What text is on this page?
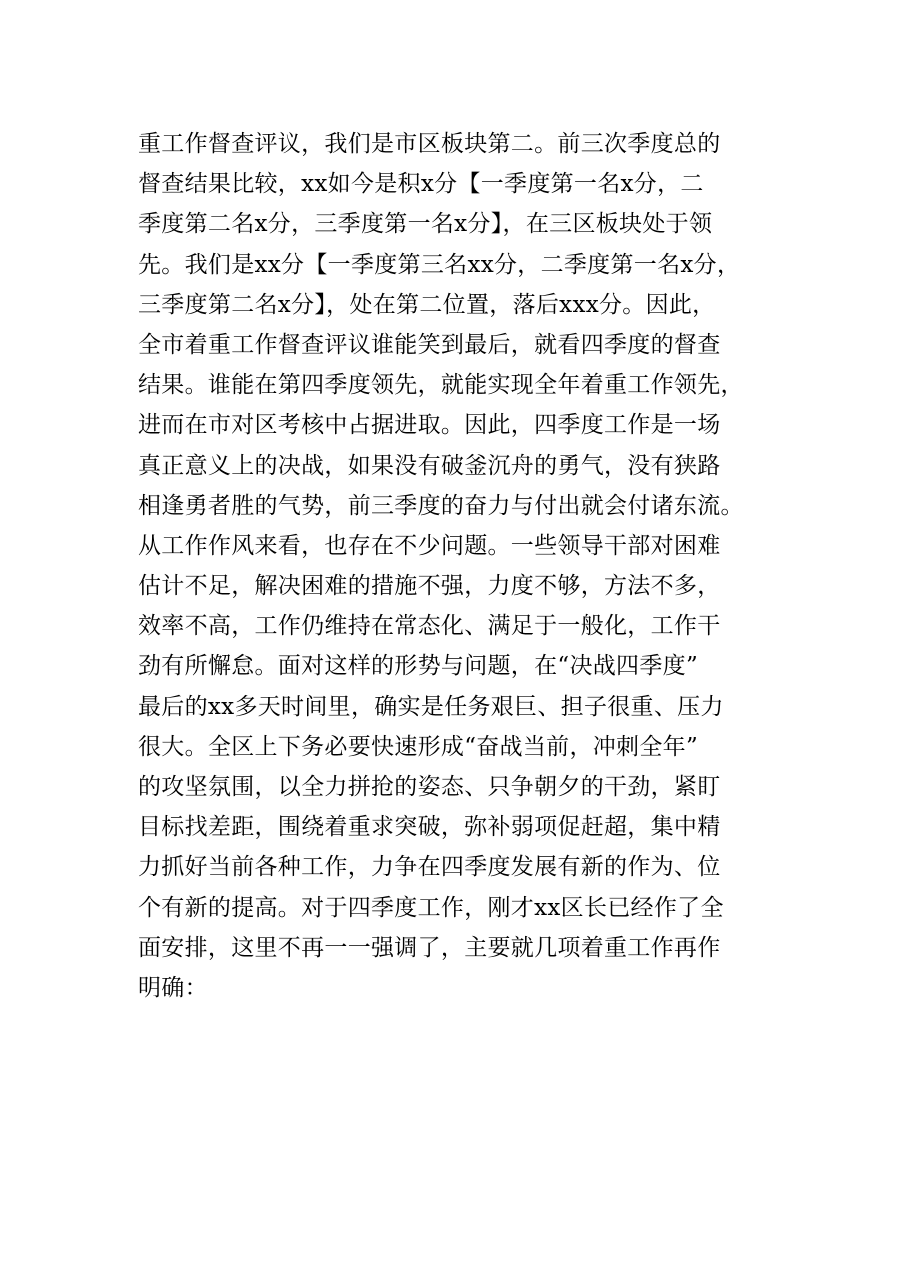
重工作督查评议，我们是市区板块第二。前三次季度总的
督查结果比较，xx如今是积x分【一季度第一名x分，二
季度第二名x分，三季度第一名x分】，在三区板块处于领
先。我们是xx分【一季度第三名xx分，二季度第一名x分，
三季度第二名x分】，处在第二位置，落后xxx分。因此，
全市着重工作督查评议谁能笑到最后，就看四季度的督查
结果。谁能在第四季度领先，就能实现全年着重工作领先，
进而在市对区考核中占据进取。因此，四季度工作是一场
真正意义上的决战，如果没有破釜沉舟的勇气，没有狭路
相逢勇者胜的气势，前三季度的奋力与付出就会付诸东流。
从工作作风来看，也存在不少问题。一些领导干部对困难
估计不足，解决困难的措施不强，力度不够，方法不多，
效率不高，工作仍维持在常态化、满足于一般化，工作干
劲有所懈怠。面对这样的形势与问题，在“决战四季度”
最后的xx多天时间里，确实是任务艰巨、担子很重、压力
很大。全区上下务必要快速形成“奋战当前，冲刺全年”
的攻坚氛围，以全力拼抢的姿态、只争朝夕的干劲，紧盯
目标找差距，围绕着重求突破，弥补弱项促赶超，集中精
力抓好当前各种工作，力争在四季度发展有新的作为、位
个有新的提高。对于四季度工作，刚才xx区长已经作了全
面安排，这里不再一一强调了，主要就几项着重工作再作
明确：
